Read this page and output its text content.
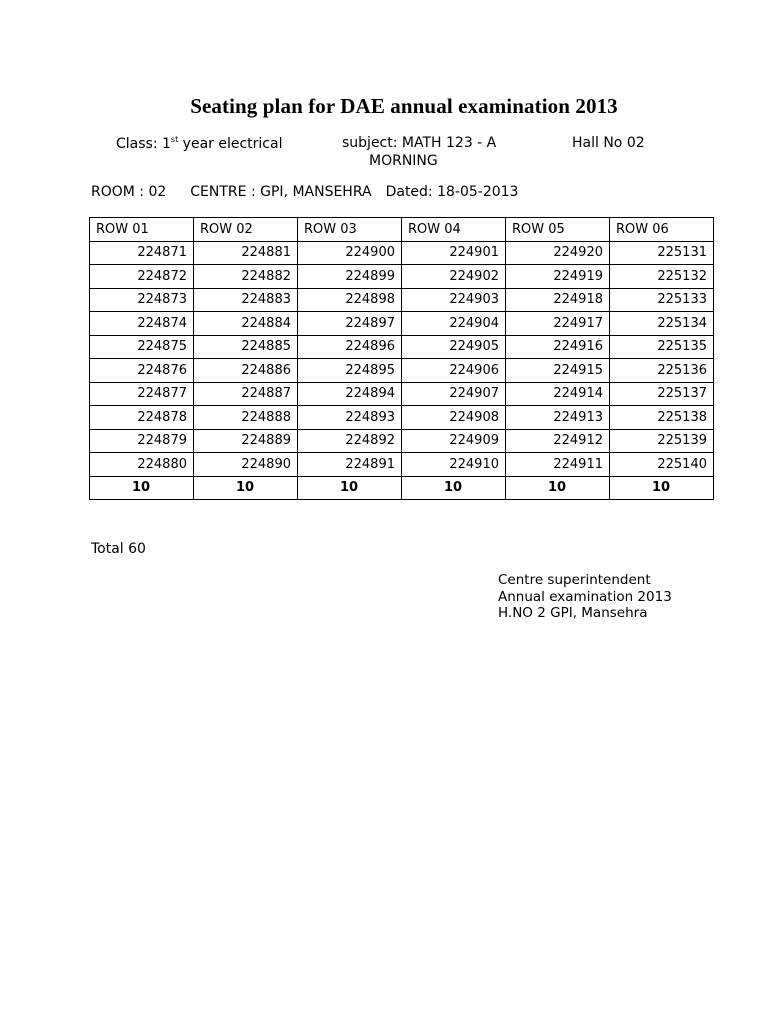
Seating plan for DAE annual examination 2013
Class: 1st year electrical	subject: MATH 123 - A
MORNING
Hall No 02
ROOM : 02 CENTRE : GPI, MANSEHRA Dated: 18-05-2013
ROW 01	ROW 02	ROW 03	ROW 04	ROW 05	ROW 06
224871	224881	224900	224901	224920	225131
224872	224882	224899	224902	224919	225132
224873	224883	224898	224903	224918	225133
224874	224884	224897	224904	224917	225134
224875	224885	224896	224905	224916	225135
224876	224886	224895	224906	224915	225136
224877	224887	224894	224907	224914	225137
224878	224888	224893	224908	224913	225138
224879	224889	224892	224909	224912	225139
224880	224890	224891	224910	224911	225140
10	10	10	10	10	10
Total 60
Centre superintendent
Annual examination 2013
H.NO 2 GPI, Mansehra
